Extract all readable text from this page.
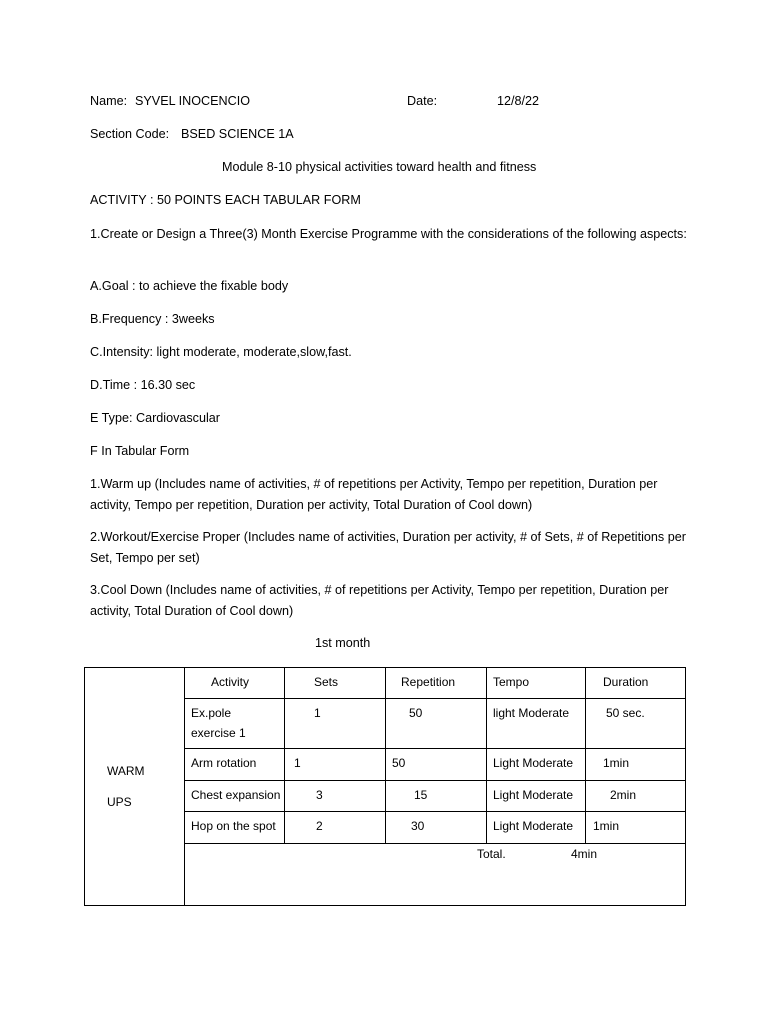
Name: SYVEL INOCENCIO	Date:	12/8/22
Section Code: BSED SCIENCE 1A
Module 8-10 physical activities toward health and fitness
ACTIVITY : 50 POINTS EACH TABULAR FORM
1.Create or Design a Three(3) Month Exercise Programme with the considerations of the following aspects:
A.Goal : to achieve the fixable body
B.Frequency : 3weeks
C.Intensity: light moderate, moderate,slow,fast.
D.Time : 16.30 sec
E Type: Cardiovascular
F In Tabular Form
1.Warm up (Includes name of activities, # of repetitions per Activity, Tempo per repetition, Duration per activity, Tempo per repetition, Duration per activity, Total Duration of Cool down)
2.Workout/Exercise Proper (Includes name of activities, Duration per activity, # of Sets, # of Repetitions per Set, Tempo per set)
3.Cool Down (Includes name of activities, # of repetitions per Activity, Tempo per repetition, Duration per activity, Total Duration of Cool down)
1st month
WARM
UPS	Activity	Sets	Repetition	Tempo	Duration

	Ex.pole exercise 1	1	50	light Moderate	50 sec.

	Arm rotation	1	50	Light Moderate	1min

	Chest expansion	3	15	Light Moderate	2min

	Hop on the spot	2	30	Light Moderate	1min

	Total. 4min				
